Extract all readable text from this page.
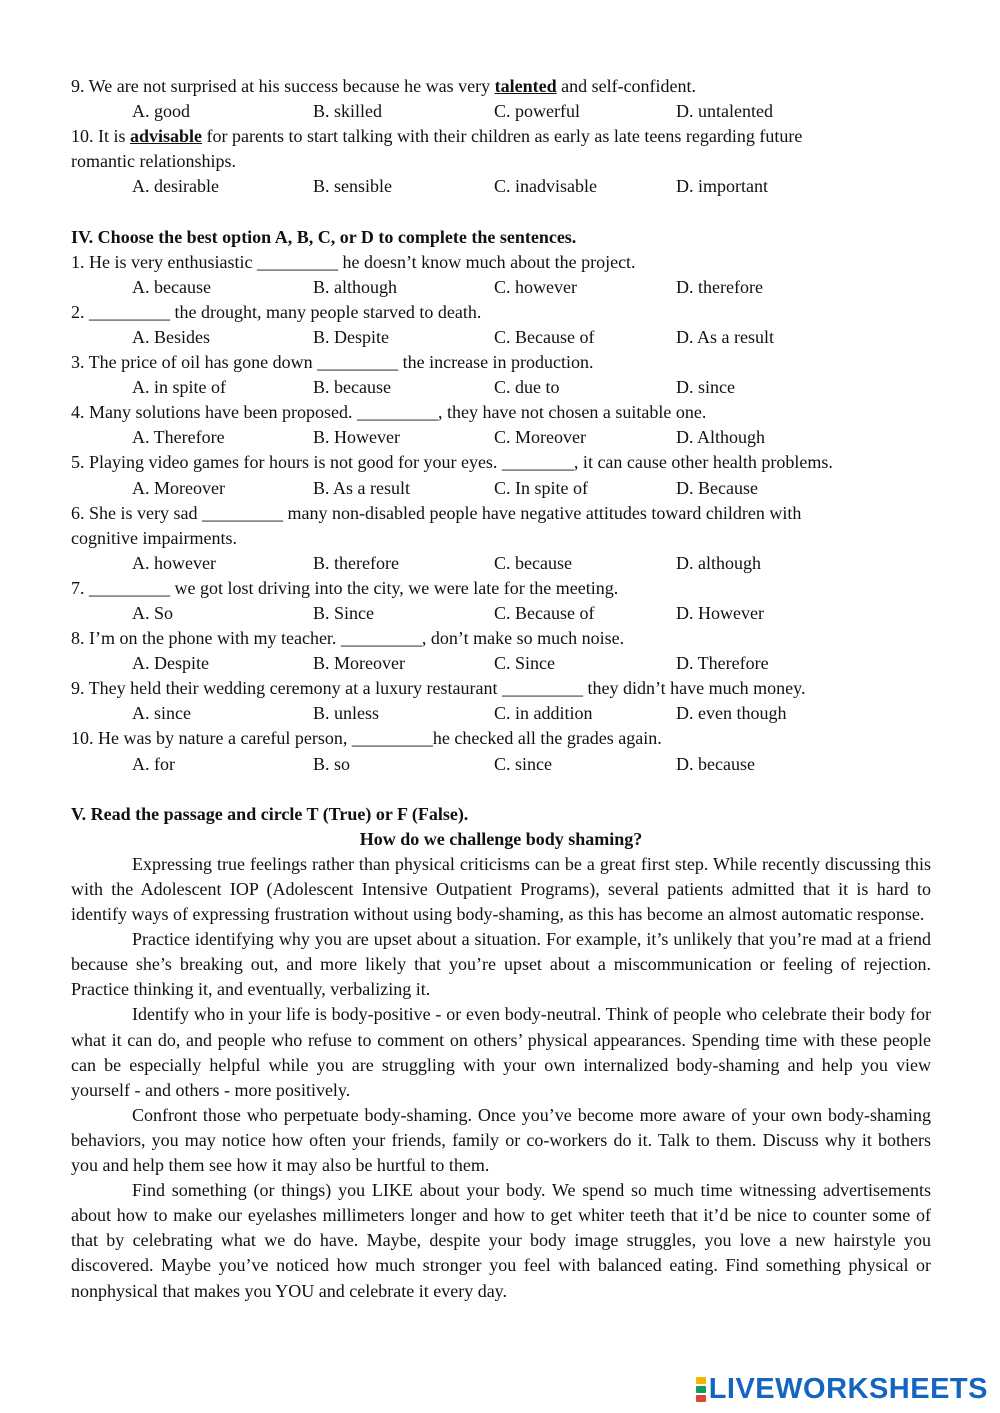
9. We are not surprised at his success because he was very talented and self-confident.
A. good	B. skilled	C. powerful	D. untalented
10. It is advisable for parents to start talking with their children as early as late teens regarding future
romantic relationships.
A. desirable	B. sensible	C. inadvisable	D. important
IV. Choose the best option A, B, C, or D to complete the sentences.
1. He is very enthusiastic _________ he doesn’t know much about the project.
A. because	B. although	C. however	D. therefore
2. _________ the drought, many people starved to death.
A. Besides	B. Despite	C. Because of	D. As a result
3. The price of oil has gone down _________ the increase in production.
A. in spite of	B. because	C. due to	D. since
4. Many solutions have been proposed. _________, they have not chosen a suitable one.
A. Therefore	B. However	C. Moreover	D. Although
5. Playing video games for hours is not good for your eyes. ________, it can cause other health problems.
A. Moreover	B. As a result	C. In spite of	D. Because
6. She is very sad _________ many non-disabled people have negative attitudes toward children with
cognitive impairments.
A. however	B. therefore	C. because	D. although
7. _________ we got lost driving into the city, we were late for the meeting.
A. So	B. Since	C. Because of	D. However
8. I’m on the phone with my teacher. _________, don’t make so much noise.
A. Despite	B. Moreover	C. Since	D. Therefore
9. They held their wedding ceremony at a luxury restaurant _________ they didn’t have much money.
A. since	B. unless	C. in addition	D. even though
10. He was by nature a careful person, _________he checked all the grades again.
A. for	B. so	C. since	D. because
V. Read the passage and circle T (True) or F (False).
How do we challenge body shaming?

Expressing true feelings rather than physical criticisms can be a great first step. While recently discussing this with the Adolescent IOP (Adolescent Intensive Outpatient Programs), several patients admitted that it is hard to identify ways of expressing frustration without using body-shaming, as this has become an almost automatic response.

Practice identifying why you are upset about a situation. For example, it’s unlikely that you’re mad at a friend because she’s breaking out, and more likely that you’re upset about a miscommunication or feeling of rejection. Practice thinking it, and eventually, verbalizing it.

Identify who in your life is body-positive - or even body-neutral. Think of people who celebrate their body for what it can do, and people who refuse to comment on others’ physical appearances. Spending time with these people can be especially helpful while you are struggling with your own internalized body-shaming and help you view yourself - and others - more positively.

Confront those who perpetuate body-shaming. Once you’ve become more aware of your own body-shaming behaviors, you may notice how often your friends, family or co-workers do it. Talk to them. Discuss why it bothers you and help them see how it may also be hurtful to them.

Find something (or things) you LIKE about your body. We spend so much time witnessing advertisements about how to make our eyelashes millimeters longer and how to get whiter teeth that it’d be nice to counter some of that by celebrating what we do have. Maybe, despite your body image struggles, you love a new hairstyle you discovered. Maybe you’ve noticed how much stronger you feel with balanced eating. Find something physical or nonphysical that makes you YOU and celebrate it every day.

LIVEWORKSHEETS
